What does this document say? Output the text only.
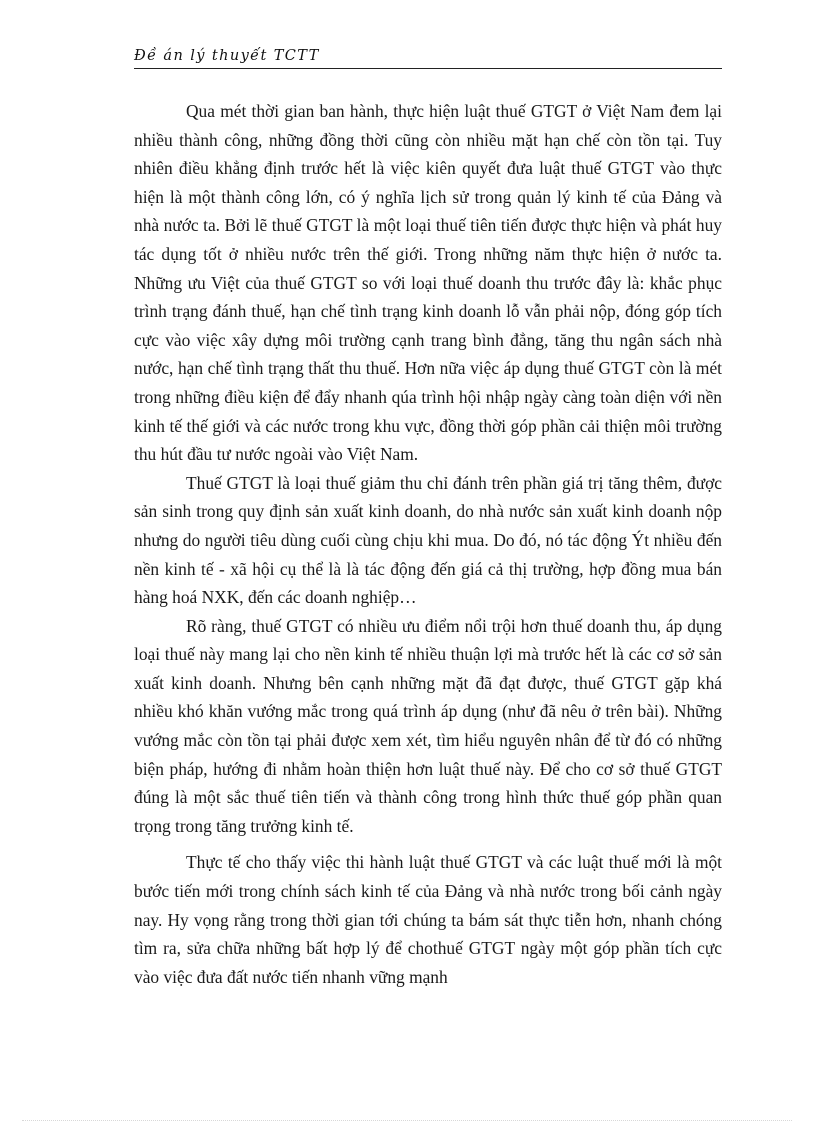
Đề án lý thuyết TCTT

Qua mét thời gian ban hành, thực hiện luật thuế GTGT ở Việt Nam đem lại nhiều thành công, những đồng thời cũng còn nhiều mặt hạn chế còn tồn tại. Tuy nhiên điều khẳng định trước hết là việc kiên quyết đưa luật thuế GTGT vào thực hiện là một thành công lớn, có ý nghĩa lịch sử trong quản lý kinh tế của Đảng và nhà nước ta. Bởi lẽ thuế GTGT là một loại thuế tiên tiến được thực hiện và phát huy tác dụng tốt ở nhiều nước trên thế giới. Trong những năm thực hiện ở nước ta. Những ưu Việt của thuế GTGT so với loại thuế doanh thu trước đây là: khắc phục trình trạng đánh thuế, hạn chế tình trạng kinh doanh lỗ vẫn phải nộp, đóng góp tích cực vào việc xây dựng môi trường cạnh trang bình đẳng, tăng thu ngân sách nhà nước, hạn chế tình trạng thất thu thuế. Hơn nữa việc áp dụng thuế GTGT còn là mét trong những điều kiện để đẩy nhanh qúa trình hội nhập ngày càng toàn diện với nền kinh tế thế giới và các nước trong khu vực, đồng thời góp phần cải thiện môi trường thu hút đầu tư nước ngoài vào Việt Nam.

Thuế GTGT là loại thuế giảm thu chỉ đánh trên phần giá trị tăng thêm, được sản sinh trong quy định sản xuất kinh doanh, do nhà nước sản xuất kinh doanh nộp nhưng do người tiêu dùng cuối cùng chịu khi mua. Do đó, nó tác động Ýt nhiều đến nền kinh tế - xã hội cụ thể là là tác động đến giá cả thị trường, hợp đồng mua bán hàng hoá NXK, đến các doanh nghiệp…

Rõ ràng, thuế GTGT có nhiều ưu điểm nổi trội hơn thuế doanh thu, áp dụng loại thuế này mang lại cho nền kinh tế nhiều thuận lợi mà trước hết là các cơ sở sản xuất kinh doanh. Nhưng bên cạnh những mặt đã đạt được, thuế GTGT gặp khá nhiều khó khăn vướng mắc trong quá trình áp dụng (như đã nêu ở trên bài). Những vướng mắc còn tồn tại phải được xem xét, tìm hiểu nguyên nhân để từ đó có những biện pháp, hướng đi nhằm hoàn thiện hơn luật thuế này. Để cho cơ sở thuế GTGT đúng là một sắc thuế tiên tiến và thành công trong hình thức thuế góp phần quan trọng trong tăng trưởng kinh tế.

Thực tế cho thấy việc thi hành luật thuế GTGT và các luật thuế mới là một bước tiến mới trong chính sách kinh tế của Đảng và nhà nước trong bối cảnh ngày nay. Hy vọng rằng trong thời gian tới chúng ta bám sát thực tiễn hơn, nhanh chóng tìm ra, sửa chữa những bất hợp lý để chothuế GTGT ngày một góp phần tích cực vào việc đưa đất nước tiến nhanh vững mạnh
